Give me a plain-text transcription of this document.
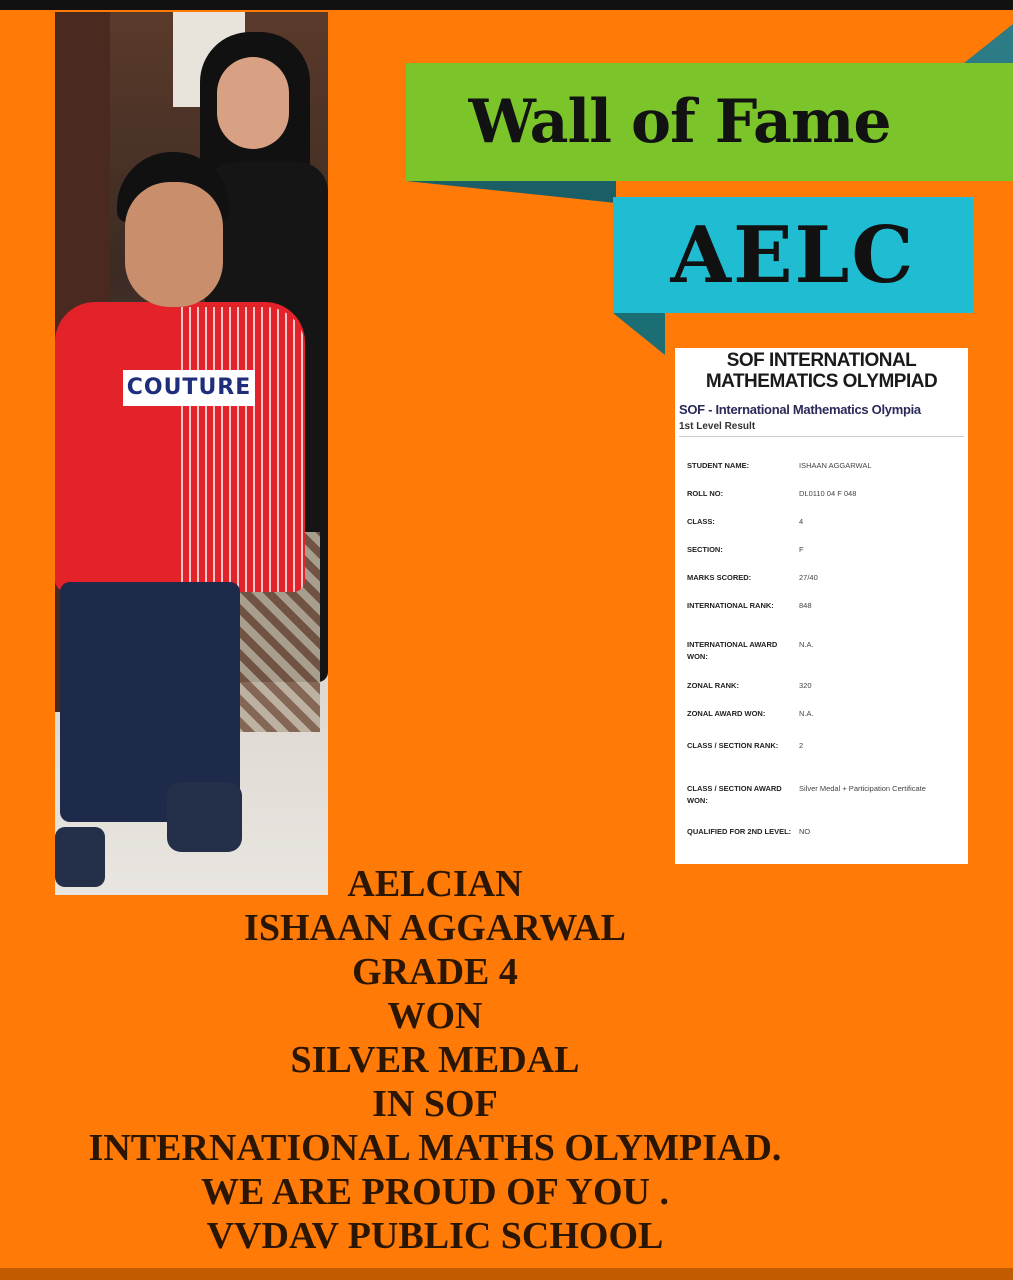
COUTURE
Wall of Fame
AELC
SOF INTERNATIONAL
MATHEMATICS OLYMPIAD
SOF - International Mathematics Olympia
1st Level Result
STUDENT NAME:	ISHAAN AGGARWAL
ROLL NO:	DL0110 04 F 048
CLASS:	4
SECTION:	F
MARKS SCORED:	27/40
INTERNATIONAL RANK:	848
INTERNATIONAL AWARD WON:
N.A.
ZONAL RANK:	320
ZONAL AWARD WON:	N.A.
CLASS / SECTION RANK:	2
CLASS / SECTION AWARD WON:
Silver Medal + Participation Certificate
QUALIFIED FOR 2ND LEVEL:	NO
AELCIAN
ISHAAN AGGARWAL
GRADE 4
WON
SILVER MEDAL
IN SOF
INTERNATIONAL MATHS OLYMPIAD.
WE ARE PROUD OF YOU .
VVDAV PUBLIC SCHOOL
